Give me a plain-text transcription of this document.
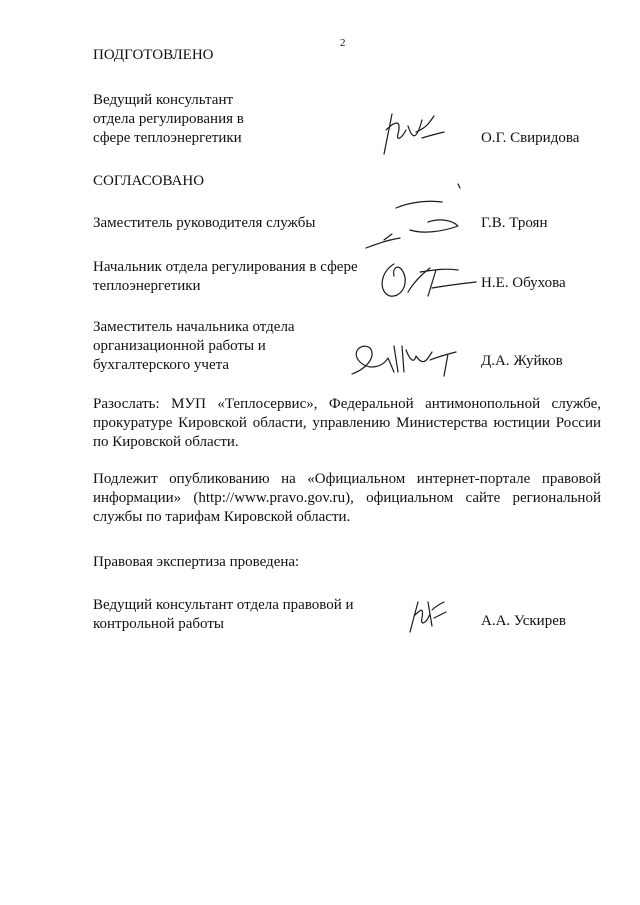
2
ПОДГОТОВЛЕНО
Ведущий консультант отдела регулирования в сфере теплоэнергетики	О.Г. Свиридова
СОГЛАСОВАНО
Заместитель руководителя службы	Г.В. Троян
Начальник отдела регулирования в сфере теплоэнергетики	Н.Е. Обухова
Заместитель начальника отдела организационной работы и бухгалтерского учета	Д.А. Жуйков
Разослать: МУП «Теплосервис», Федеральной антимонопольной службе, прокуратуре Кировской области, управлению Министерства юстиции России по Кировской области.
Подлежит опубликованию на «Официальном интернет-портале правовой информации» (http://www.pravo.gov.ru), официальном сайте региональной службы по тарифам Кировской области.
Правовая экспертиза проведена:
Ведущий консультант отдела правовой и контрольной работы	А.А. Ускирев
